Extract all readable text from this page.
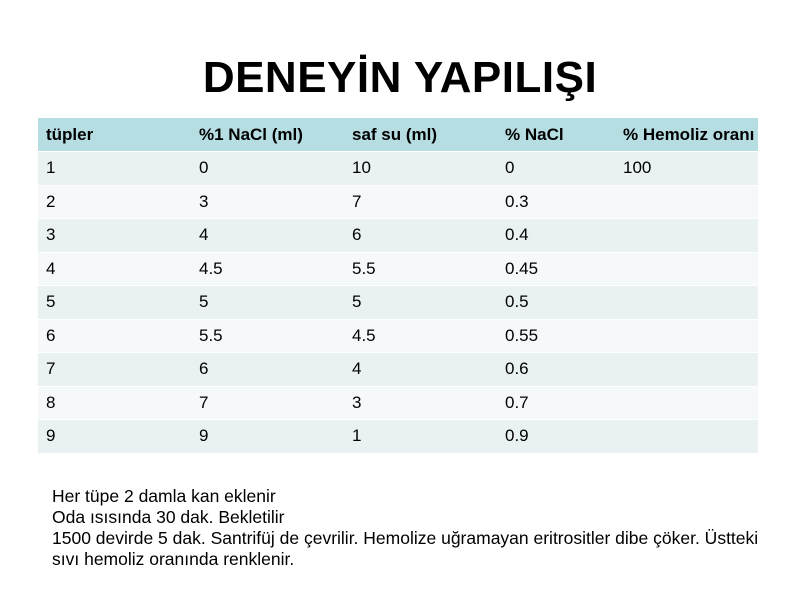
DENEYİN YAPILIŞI
tüpler	%1 NaCl (ml)	saf su (ml)	% NaCl	% Hemoliz oranı
1	0	10	0	100
2	3	7	0.3	
3	4	6	0.4	
4	4.5	5.5	0.45	
5	5	5	0.5	
6	5.5	4.5	0.55	
7	6	4	0.6	
8	7	3	0.7	
9	9	1	0.9	
Her tüpe 2 damla kan eklenir
Oda ısısında 30 dak. Bekletilir
1500 devirde 5 dak. Santrifüj de çevrilir. Hemolize uğramayan eritrositler dibe çöker. Üstteki sıvı hemoliz oranında renklenir.
